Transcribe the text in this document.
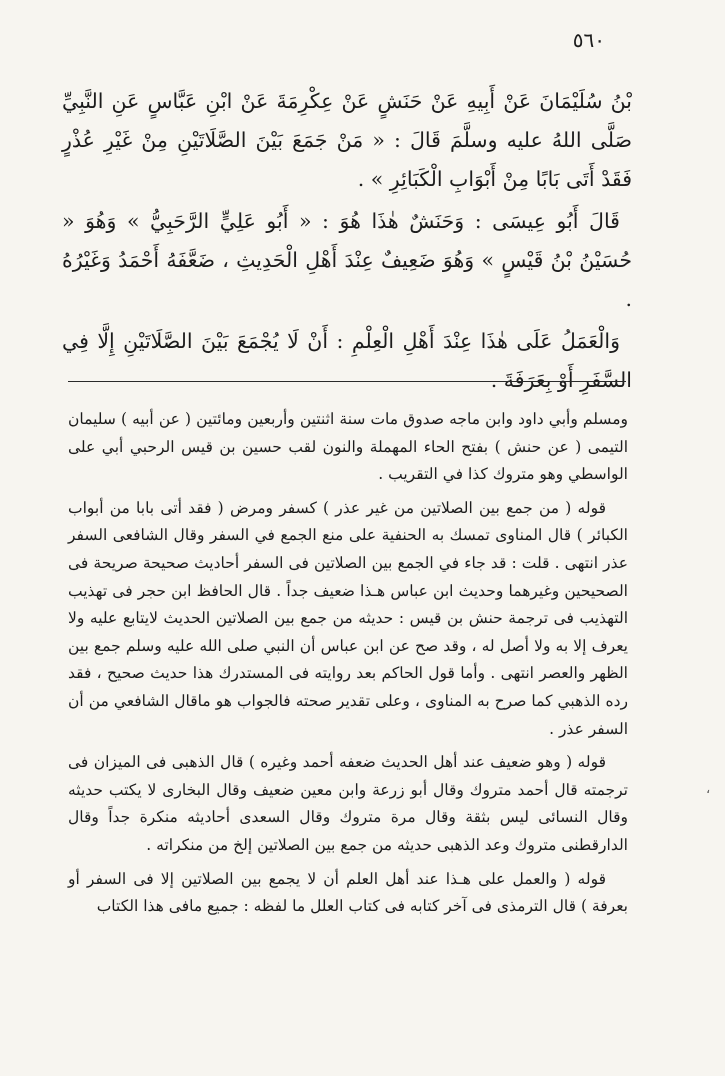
٥٦٠

بْنُ سُلَيْمَانَ عَنْ أَبِيهِ عَنْ حَنَشٍ عَنْ عِكْرِمَةَ عَنْ ابْنِ عَبَّاسٍ عَنِ النَّبِيِّ صَلَّى اللهُ عليه وسلَّمَ قَالَ : « مَنْ جَمَعَ بَيْنَ الصَّلَاتَيْنِ مِنْ غَيْرِ عُذْرٍ فَقَدْ أَتَى بَابًا مِنْ أَبْوَابِ الْكَبَائِرِ » .

قَالَ أَبُو عِيسَى : وَحَنَشٌ هٰذَا هُوَ : « أَبُو عَلِيٍّ الرَّحَبِيُّ » وَهُوَ « حُسَيْنُ بْنُ قَيْسٍ » وَهُوَ ضَعِيفٌ عِنْدَ أَهْلِ الْحَدِيثِ ، ضَعَّفَهُ أَحْمَدُ وَغَيْرُهُ .

وَالْعَمَلُ عَلَى هٰذَا عِنْدَ أَهْلِ الْعِلْمِ : أَنْ لَا يُجْمَعَ بَيْنَ الصَّلَاتَيْنِ إِلَّا فِي السَّفَرِ أَوْ بِعَرَفَةَ .

ومسلم وأبي داود وابن ماجه صدوق مات سنة اثنتين وأربعين ومائتين ( عن أبيه ) سليمان التيمى ( عن حنش ) بفتح الحاء المهملة والنون لقب حسين بن قيس الرحبي أبي على الواسطي وهو متروك كذا في التقريب .

قوله ( من جمع بين الصلاتين من غير عذر ) كسفر ومرض ( فقد أتى بابا من أبواب الكبائر ) قال المناوى تمسك به الحنفية على منع الجمع في السفر وقال الشافعى السفر عذر انتهى . قلت : قد جاء في الجمع بين الصلاتين فى السفر أحاديث صحيحة صريحة فى الصحيحين وغيرهما وحديث ابن عباس هـذا ضعيف جداً . قال الحافظ ابن حجر فى تهذيب التهذيب فى ترجمة حنش بن قيس : حديثه من جمع بين الصلاتين الحديث لايتابع عليه ولا يعرف إلا به ولا أصل له ، وقد صح عن ابن عباس أن النبي صلى الله عليه وسلم جمع بين الظهر والعصر انتهى . وأما قول الحاكم بعد روايته فى المستدرك هذا حديث صحيح ، فقد رده الذهبي كما صرح به المناوى ، وعلى تقدير صحته فالجواب هو ماقال الشافعي من أن السفر عذر .

قوله ( وهو ضعيف عند أهل الحديث ضعفه أحمد وغيره ) قال الذهبى فى الميزان فى ترجمته قال أحمد متروك وقال أبو زرعة وابن معين ضعيف وقال البخارى لا يكتب حديثه وقال النسائى ليس بثقة وقال مرة متروك وقال السعدى أحاديثه منكرة جداً وقال الدارقطنى متروك وعد الذهبى حديثه من جمع بين الصلاتين إلخ من منكراته .

قوله ( والعمل على هـذا عند أهل العلم أن لا يجمع بين الصلاتين إلا فى السفر أو بعرفة ) قال الترمذى فى آخر كتابه فى كتاب العلل ما لفظه : جميع مافى هذا الكتاب

،
